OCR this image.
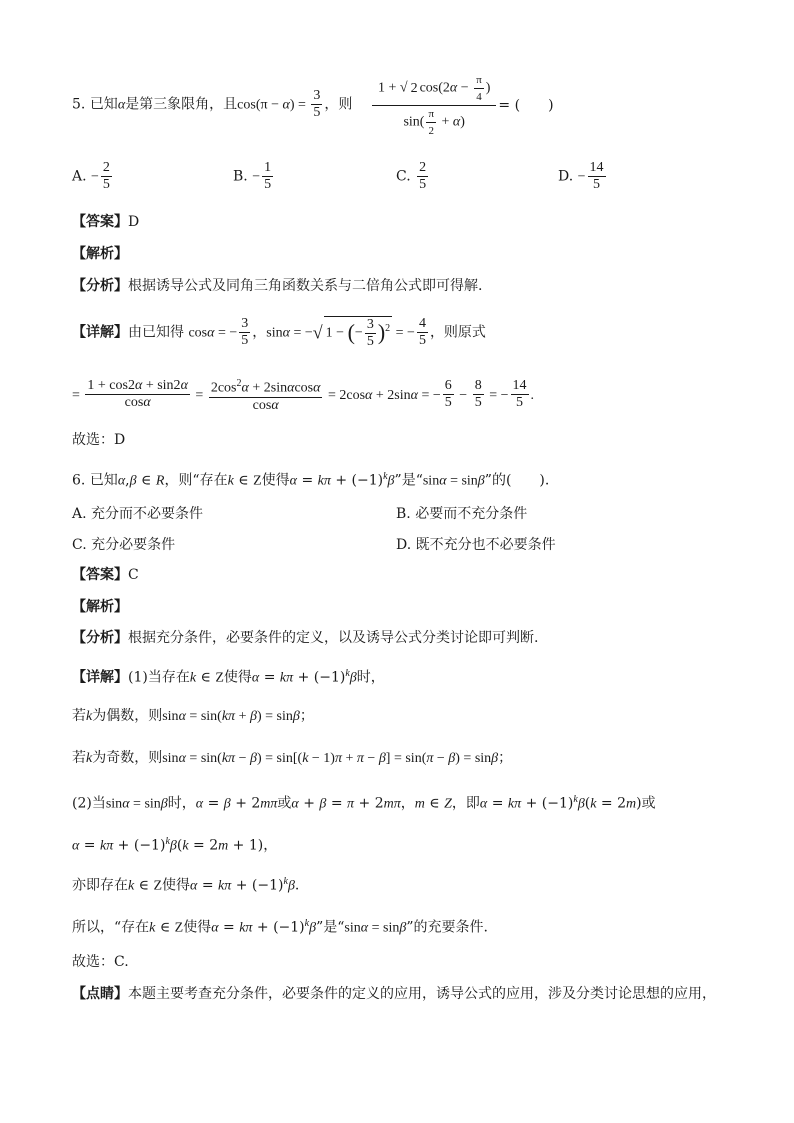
5. 已知α是第三象限角，且$\cos(\pi - \alpha) = \frac{3}{5}$ ，则 $\frac{1 + √ 2 \cos(2\alpha - \frac{\pi}{4} )}{\sin( \frac{\pi}{2} + \alpha)}$ = (　　)
A. − $\frac{2}{5}$	B. − $\frac{1}{5}$	C. $\frac{2}{5}$	D. − $\frac{14}{5}$
【答案】D
【解析】
【分析】根据诱导公式及同角三角函数关系与二倍角公式即可得解.
【详解】由已知得 cosα = − $\frac{3}{5}$ ，sinα = −√ 1 − (− $\frac{3}{5} )^2$ = − $\frac{4}{5}$ ，则原式
= $\frac{1 + \cos 2\alpha + \sin 2\alpha}{\cos\alpha} = \frac{2\cos^2\alpha + 2\sin\alpha\cos\alpha}{\cos\alpha} = 2\cos\alpha + 2\sin\alpha$ = − $\frac{6}{5} - \frac{8}{5}$ = − $\frac{14}{5}$ .
故选：D
6. 已知α,β ∈ R，则“存在k ∈ Z使得$\alpha = k\pi + (-1)^k\beta$”是“sinα = sinβ”的(　　).
A. 充分而不必要条件	B. 必要而不充分条件
C. 充分必要条件	D. 既不充分也不必要条件
【答案】C
【解析】
【分析】根据充分条件，必要条件的定义，以及诱导公式分类讨论即可判断.
【详解】(1)当存在k ∈ Z使得$\alpha = k\pi + (-1)^k\beta$时，
若k为偶数，则sinα = sin(kπ + β) = sinβ；
若k为奇数，则sinα = sin(kπ − β) = sin[(k − 1)π + π − β] = sin(π − β) = sinβ；
(2)当sinα = sinβ时，α = β + 2mπ或α + β = π + 2mπ，m ∈ Z，即$\alpha = k\pi + (-1)^k\beta(k = 2m)$或
$\alpha = k\pi + (-1)^k\beta(k = 2m + 1)$，
亦即存在k ∈ Z使得$\alpha = k\pi + (-1)^k\beta$.
所以，“存在k ∈ Z使得$\alpha = k\pi + (-1)^k\beta$”是“sinα = sinβ”的充要条件.
故选：C.
【点睛】本题主要考查充分条件，必要条件的定义的应用，诱导公式的应用，涉及分类讨论思想的应用，
